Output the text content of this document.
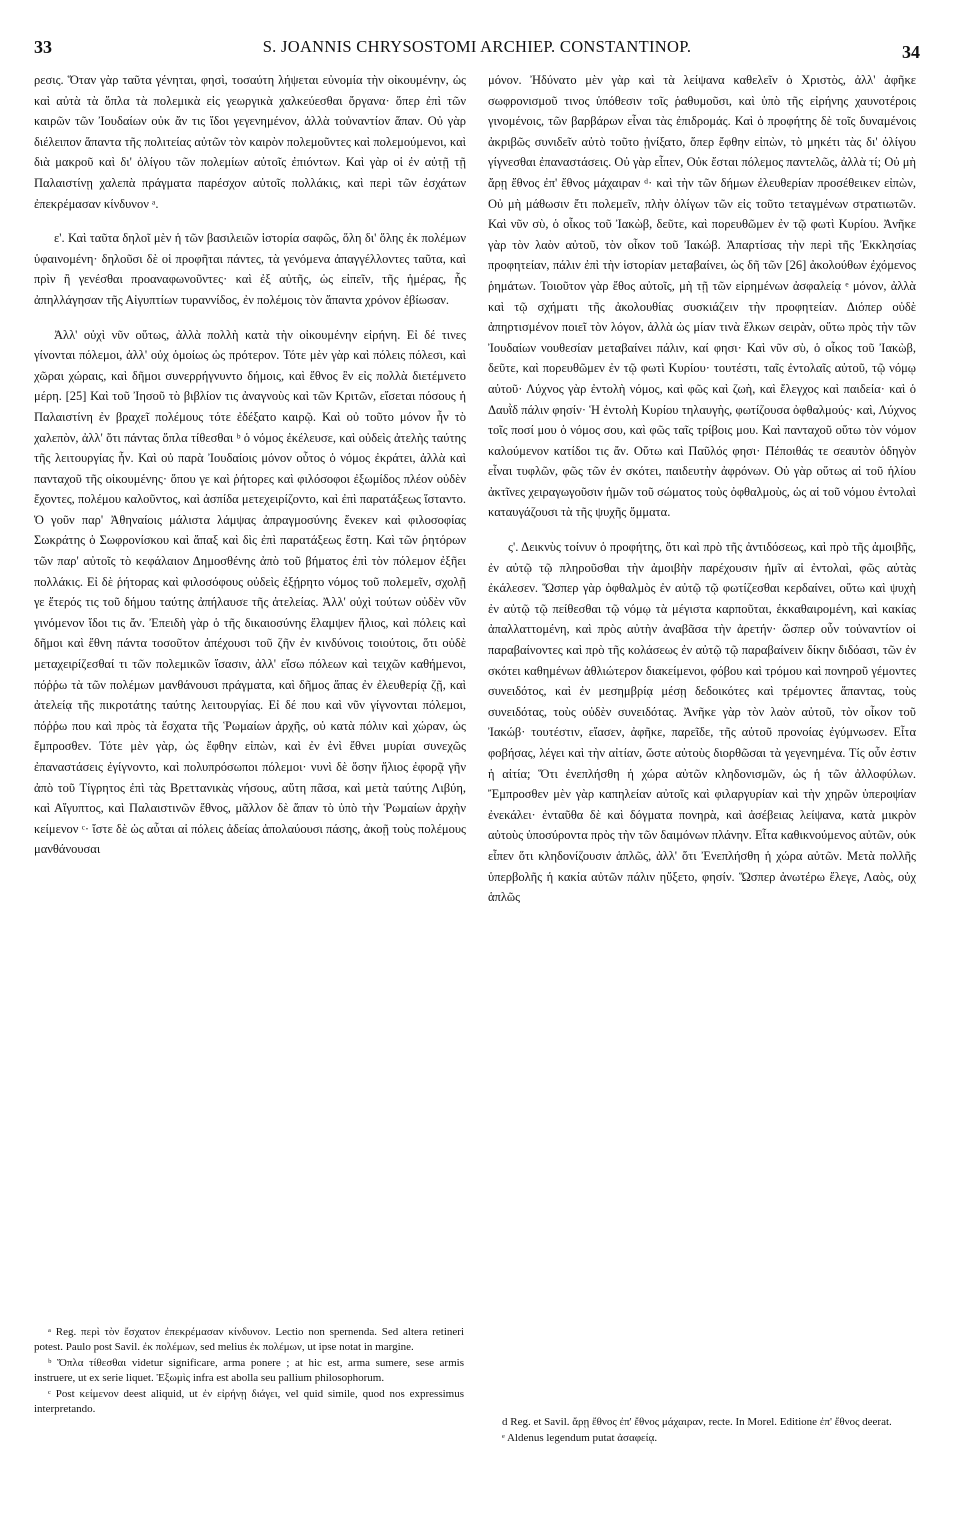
33	S. JOANNIS CHRYSOSTOMI ARCHIEP. CONSTANTINOP.	34

ρεσις. Ὅταν γὰρ ταῦτα γένηται, φησὶ, τοσαύτη λήψεται εὐνομία τὴν οἰκουμένην, ὡς καὶ αὐτὰ τὰ ὅπλα τὰ πολεμικὰ εἰς γεωργικὰ χαλκεύεσθαι ὄργανα· ὅπερ ἐπὶ τῶν καιρῶν τῶν Ἰουδαίων οὐκ ἄν τις ἴδοι γεγενημένον, ἀλλὰ τοὐναντίον ἅπαν. Οὐ γὰρ διέλειπον ἅπαντα τῆς πολιτείας αὐτῶν τὸν καιρὸν πολεμοῦντες καὶ πολεμούμενοι, καὶ διὰ μακροῦ καὶ δι' ὀλίγου τῶν πολεμίων αὐτοῖς ἐπιόντων. Καὶ γὰρ οἱ ἐν αὐτῇ τῇ Παλαιστίνῃ χαλεπὰ πράγματα παρέσχον αὐτοῖς πολλάκις, καὶ περὶ τῶν ἐσχάτων ἐπεκρέμασαν κίνδυνον ᵃ.

ε'. Καὶ ταῦτα δηλοῖ μὲν ἡ τῶν βασιλειῶν ἱστορία σαφῶς, ὅλη δι' ὅλης ἐκ πολέμων ὑφαινομένη· δηλοῦσι δὲ οἱ προφῆται πάντες, τὰ γενόμενα ἀπαγγέλλοντες ταῦτα, καὶ πρὶν ἢ γενέσθαι προαναφωνοῦντες· καὶ ἐξ αὐτῆς, ὡς εἰπεῖν, τῆς ἡμέρας, ἧς ἀπηλλάγησαν τῆς Αἰγυπτίων τυραννίδος, ἐν πολέμοις τὸν ἅπαντα χρόνον ἐβίωσαν.

Ἀλλ' οὐχὶ νῦν οὕτως, ἀλλὰ πολλὴ κατὰ τὴν οἰκουμένην εἰρήνη. Εἰ δέ τινες γίνονται πόλεμοι, ἀλλ' οὐχ ὁμοίως ὡς πρότερον. Τότε μὲν γὰρ καὶ πόλεις πόλεσι, καὶ χῶραι χώραις, καὶ δῆμοι συνερρήγνυντο δήμοις, καὶ ἔθνος ἓν εἰς πολλὰ διετέμνετο μέρη. [25] Καὶ τοῦ Ἰησοῦ τὸ βιβλίον τις ἀναγνοὺς καὶ τῶν Κριτῶν, εἴσεται πόσους ἡ Παλαιστίνη ἐν βραχεῖ πολέμους τότε ἐδέξατο καιρῷ. Καὶ οὐ τοῦτο μόνον ἦν τὸ χαλεπὸν, ἀλλ' ὅτι πάντας ὅπλα τίθεσθαι ᵇ ὁ νόμος ἐκέλευσε, καὶ οὐδεὶς ἀτελὴς ταύτης τῆς λειτουργίας ἦν. Καὶ οὐ παρὰ Ἰουδαίοις μόνον οὗτος ὁ νόμος ἐκράτει, ἀλλὰ καὶ πανταχοῦ τῆς οἰκουμένης· ὅπου γε καὶ ῥήτορες καὶ φιλόσοφοι ἐξωμίδος πλέον οὐδὲν ἔχοντες, πολέμου καλοῦντος, καὶ ἀσπίδα μετεχειρίζοντο, καὶ ἐπὶ παρατάξεως ἵσταντο. Ὁ γοῦν παρ' Ἀθηναίοις μάλιστα λάμψας ἀπραγμοσύνης ἕνεκεν καὶ φιλοσοφίας Σωκράτης ὁ Σωφρονίσκου καὶ ἅπαξ καὶ δὶς ἐπὶ παρατάξεως ἔστη. Καὶ τῶν ῥητόρων τῶν παρ' αὐτοῖς τὸ κεφάλαιον Δημοσθένης ἀπὸ τοῦ βήματος ἐπὶ τὸν πόλεμον ἐξῆει πολλάκις. Εἰ δὲ ῥήτορας καὶ φιλοσόφους οὐδεὶς ἐξῄρητο νόμος τοῦ πολεμεῖν, σχολῇ γε ἕτερός τις τοῦ δήμου ταύτης ἀπήλαυσε τῆς ἀτελείας. Ἀλλ' οὐχὶ τούτων οὐδὲν νῦν γινόμενον ἴδοι τις ἄν. Ἐπειδὴ γὰρ ὁ τῆς δικαιοσύνης ἔλαμψεν ἥλιος, καὶ πόλεις καὶ δῆμοι καὶ ἔθνη πάντα τοσοῦτον ἀπέχουσι τοῦ ζῆν ἐν κινδύνοις τοιούτοις, ὅτι οὐδὲ μεταχειρίζεσθαί τι τῶν πολεμικῶν ἴσασιν, ἀλλ' εἴσω πόλεων καὶ τειχῶν καθήμενοι, πόῤῥω τὰ τῶν πολέμων μανθάνουσι πράγματα, καὶ δῆμος ἅπας ἐν ἐλευθερίᾳ ζῇ, καὶ ἀτελείᾳ τῆς πικροτάτης ταύτης λειτουργίας. Εἰ δέ που καὶ νῦν γίγνονται πόλεμοι, πόῤῥω που καὶ πρὸς τὰ ἔσχατα τῆς Ῥωμαίων ἀρχῆς, οὐ κατὰ πόλιν καὶ χώραν, ὡς ἔμπροσθεν. Τότε μὲν γὰρ, ὡς ἔφθην εἰπὼν, καὶ ἐν ἑνὶ ἔθνει μυρίαι συνεχῶς ἐπαναστάσεις ἐγίγνοντο, καὶ πολυπρόσωποι πόλεμοι· νυνὶ δὲ ὅσην ἥλιος ἐφορᾷ γῆν ἀπὸ τοῦ Τίγρητος ἐπὶ τὰς Βρεττανικὰς νήσους, αὕτη πᾶσα, καὶ μετὰ ταύτης Λιβύη, καὶ Αἴγυπτος, καὶ Παλαιστινῶν ἔθνος, μᾶλλον δὲ ἅπαν τὸ ὑπὸ τὴν Ῥωμαίων ἀρχὴν κείμενον ᶜ· ἴστε δὲ ὡς αὗται αἱ πόλεις ἀδείας ἀπολαύουσι πάσης, ἀκοῇ τοὺς πολέμους μανθάνουσαι

μόνον. Ἠδύνατο μὲν γὰρ καὶ τὰ λείψανα καθελεῖν ὁ Χριστὸς, ἀλλ' ἀφῆκε σωφρονισμοῦ τινος ὑπόθεσιν τοῖς ῥαθυμοῦσι, καὶ ὑπὸ τῆς εἰρήνης χαυνοτέροις γινομένοις, τῶν βαρβάρων εἶναι τὰς ἐπιδρομάς. Καὶ ὁ προφήτης δὲ τοῖς δυναμένοις ἀκριβῶς συνιδεῖν αὐτὸ τοῦτο ᾐνίξατο, ὅπερ ἔφθην εἰπὼν, τὸ μηκέτι τὰς δι' ὀλίγου γίγνεσθαι ἐπαναστάσεις. Οὐ γὰρ εἶπεν, Οὐκ ἔσται πόλεμος παντελῶς, ἀλλὰ τί; Οὐ μὴ ἄρῃ ἔθνος ἐπ' ἔθνος μάχαιραν ᵈ· καὶ τὴν τῶν δήμων ἐλευθερίαν προσέθεικεν εἰπὼν, Οὐ μὴ μάθωσιν ἔτι πολεμεῖν, πλὴν ὀλίγων τῶν εἰς τοῦτο τεταγμένων στρατιωτῶν. Καὶ νῦν σὺ, ὁ οἶκος τοῦ Ἰακὼβ, δεῦτε, καὶ πορευθῶμεν ἐν τῷ φωτὶ Κυρίου. Ἀνῆκε γὰρ τὸν λαὸν αὐτοῦ, τὸν οἶκον τοῦ Ἰακώβ. Ἀπαρτίσας τὴν περὶ τῆς Ἐκκλησίας προφητείαν, πάλιν ἐπὶ τὴν ἱστορίαν μεταβαίνει, ὡς δῆ τῶν [26] ἀκολούθων ἐχόμενος ῥημάτων. Τοιοῦτον γὰρ ἔθος αὐτοῖς, μὴ τῇ τῶν εἰρημένων ἀσφαλείᾳ ᵉ μόνον, ἀλλὰ καὶ τῷ σχήματι τῆς ἀκολουθίας συσκιάζειν τὴν προφητείαν. Διόπερ οὐδὲ ἀπηρτισμένον ποιεῖ τὸν λόγον, ἀλλὰ ὡς μίαν τινὰ ἕλκων σειρὰν, οὕτω πρὸς τὴν τῶν Ἰουδαίων νουθεσίαν μεταβαίνει πάλιν, καί φησι· Καὶ νῦν σὺ, ὁ οἶκος τοῦ Ἰακὼβ, δεῦτε, καὶ πορευθῶμεν ἐν τῷ φωτὶ Κυρίου· τουτέστι, ταῖς ἐντολαῖς αὐτοῦ, τῷ νόμῳ αὐτοῦ· Λύχνος γὰρ ἐντολὴ νόμος, καὶ φῶς καὶ ζωὴ, καὶ ἔλεγχος καὶ παιδεία· καὶ ὁ Δαυῒδ πάλιν φησίν· Ἡ ἐντολὴ Κυρίου τηλαυγὴς, φωτίζουσα ὀφθαλμούς· καὶ, Λύχνος τοῖς ποσί μου ὁ νόμος σου, καὶ φῶς ταῖς τρίβοις μου. Καὶ πανταχοῦ οὕτω τὸν νόμον καλούμενον κατίδοι τις ἄν. Οὕτω καὶ Παῦλός φησι· Πέποιθάς τε σεαυτὸν ὁδηγὸν εἶναι τυφλῶν, φῶς τῶν ἐν σκότει, παιδευτὴν ἀφρόνων. Οὐ γὰρ οὕτως αἱ τοῦ ἡλίου ἀκτῖνες χειραγωγοῦσιν ἡμῶν τοῦ σώματος τοὺς ὀφθαλμοὺς, ὡς αἱ τοῦ νόμου ἐντολαὶ καταυγάζουσι τὰ τῆς ψυχῆς ὄμματα.

ς'. Δεικνὺς τοίνυν ὁ προφήτης, ὅτι καὶ πρὸ τῆς ἀντιδόσεως, καὶ πρὸ τῆς ἀμοιβῆς, ἐν αὐτῷ τῷ πληροῦσθαι τὴν ἀμοιβὴν παρέχουσιν ἡμῖν αἱ ἐντολαὶ, φῶς αὐτὰς ἐκάλεσεν. Ὥσπερ γὰρ ὀφθαλμὸς ἐν αὐτῷ τῷ φωτίζεσθαι κερδαίνει, οὕτω καὶ ψυχὴ ἐν αὐτῷ τῷ πείθεσθαι τῷ νόμῳ τὰ μέγιστα καρποῦται, ἐκκαθαιρομένη, καὶ κακίας ἀπαλλαττομένη, καὶ πρὸς αὐτὴν ἀναβᾶσα τὴν ἀρετήν· ὥσπερ οὖν τοὐναντίον οἱ παραβαίνοντες καὶ πρὸ τῆς κολάσεως ἐν αὐτῷ τῷ παραβαίνειν δίκην διδόασι, τῶν ἐν σκότει καθημένων ἀθλιώτερον διακείμενοι, φόβου καὶ τρόμου καὶ πονηροῦ γέμοντες συνειδότος, καὶ ἐν μεσημβρίᾳ μέσῃ δεδοικότες καὶ τρέμοντες ἅπαντας, τοὺς συνειδότας, τοὺς οὐδὲν συνειδότας. Ἀνῆκε γὰρ τὸν λαὸν αὐτοῦ, τὸν οἶκον τοῦ Ἰακώβ· τουτέστιν, εἴασεν, ἀφῆκε, παρεῖδε, τῆς αὐτοῦ προνοίας ἐγύμνωσεν. Εἶτα φοβήσας, λέγει καὶ τὴν αἰτίαν, ὥστε αὐτοὺς διορθῶσαι τὰ γεγενημένα. Τίς οὖν ἐστιν ἡ αἰτία; Ὅτι ἐνεπλήσθη ἡ χώρα αὐτῶν κληδονισμῶν, ὡς ἡ τῶν ἀλλοφύλων. Ἔμπροσθεν μὲν γὰρ καπηλείαν αὐτοῖς καὶ φιλαργυρίαν καὶ τὴν χηρῶν ὑπεροψίαν ἐνεκάλει· ἐνταῦθα δὲ καὶ δόγματα πονηρὰ, καὶ ἀσέβειας λείψανα, κατὰ μικρὸν αὐτοὺς ὑποσύροντα πρὸς τὴν τῶν δαιμόνων πλάνην. Εἶτα καθικνούμενος αὐτῶν, οὐκ εἶπεν ὅτι κληδονίζουσιν ἁπλῶς, ἀλλ' ὅτι Ἐνεπλήσθη ἡ χώρα αὐτῶν. Μετὰ πολλῆς ὑπερβολῆς ἡ κακία αὐτῶν πάλιν ηὔξετο, φησίν. Ὥσπερ ἀνωτέρω ἔλεγε, Λαὸς, οὐχ ἁπλῶς

ᵃ Reg. περὶ τὸν ἔσχατον ἐπεκρέμασαν κίνδυνον. Lectio non spernenda. Sed altera retineri potest. Paulo post Savil. ἐκ πολέμων, sed melius ἐκ πολέμων, ut ipse notat in margine.

ᵇ Ὅπλα τίθεσθαι videtur significare, arma ponere ; at hic est, arma sumere, sese armis instruere, ut ex serie liquet. Ἐξωμὶς infra est abolla seu pallium philosophorum.

ᶜ Post κείμενον deest aliquid, ut ἐν εἰρήνῃ διάγει, vel quid simile, quod nos expressimus interpretando.

d Reg. et Savil. ἄρῃ ἔθνος ἐπ' ἔθνος μάχαιραν, recte. In Morel. Editione ἐπ' ἔθνος deerat.

ᵉ Aldenus legendum putat ἀσαφείᾳ.
